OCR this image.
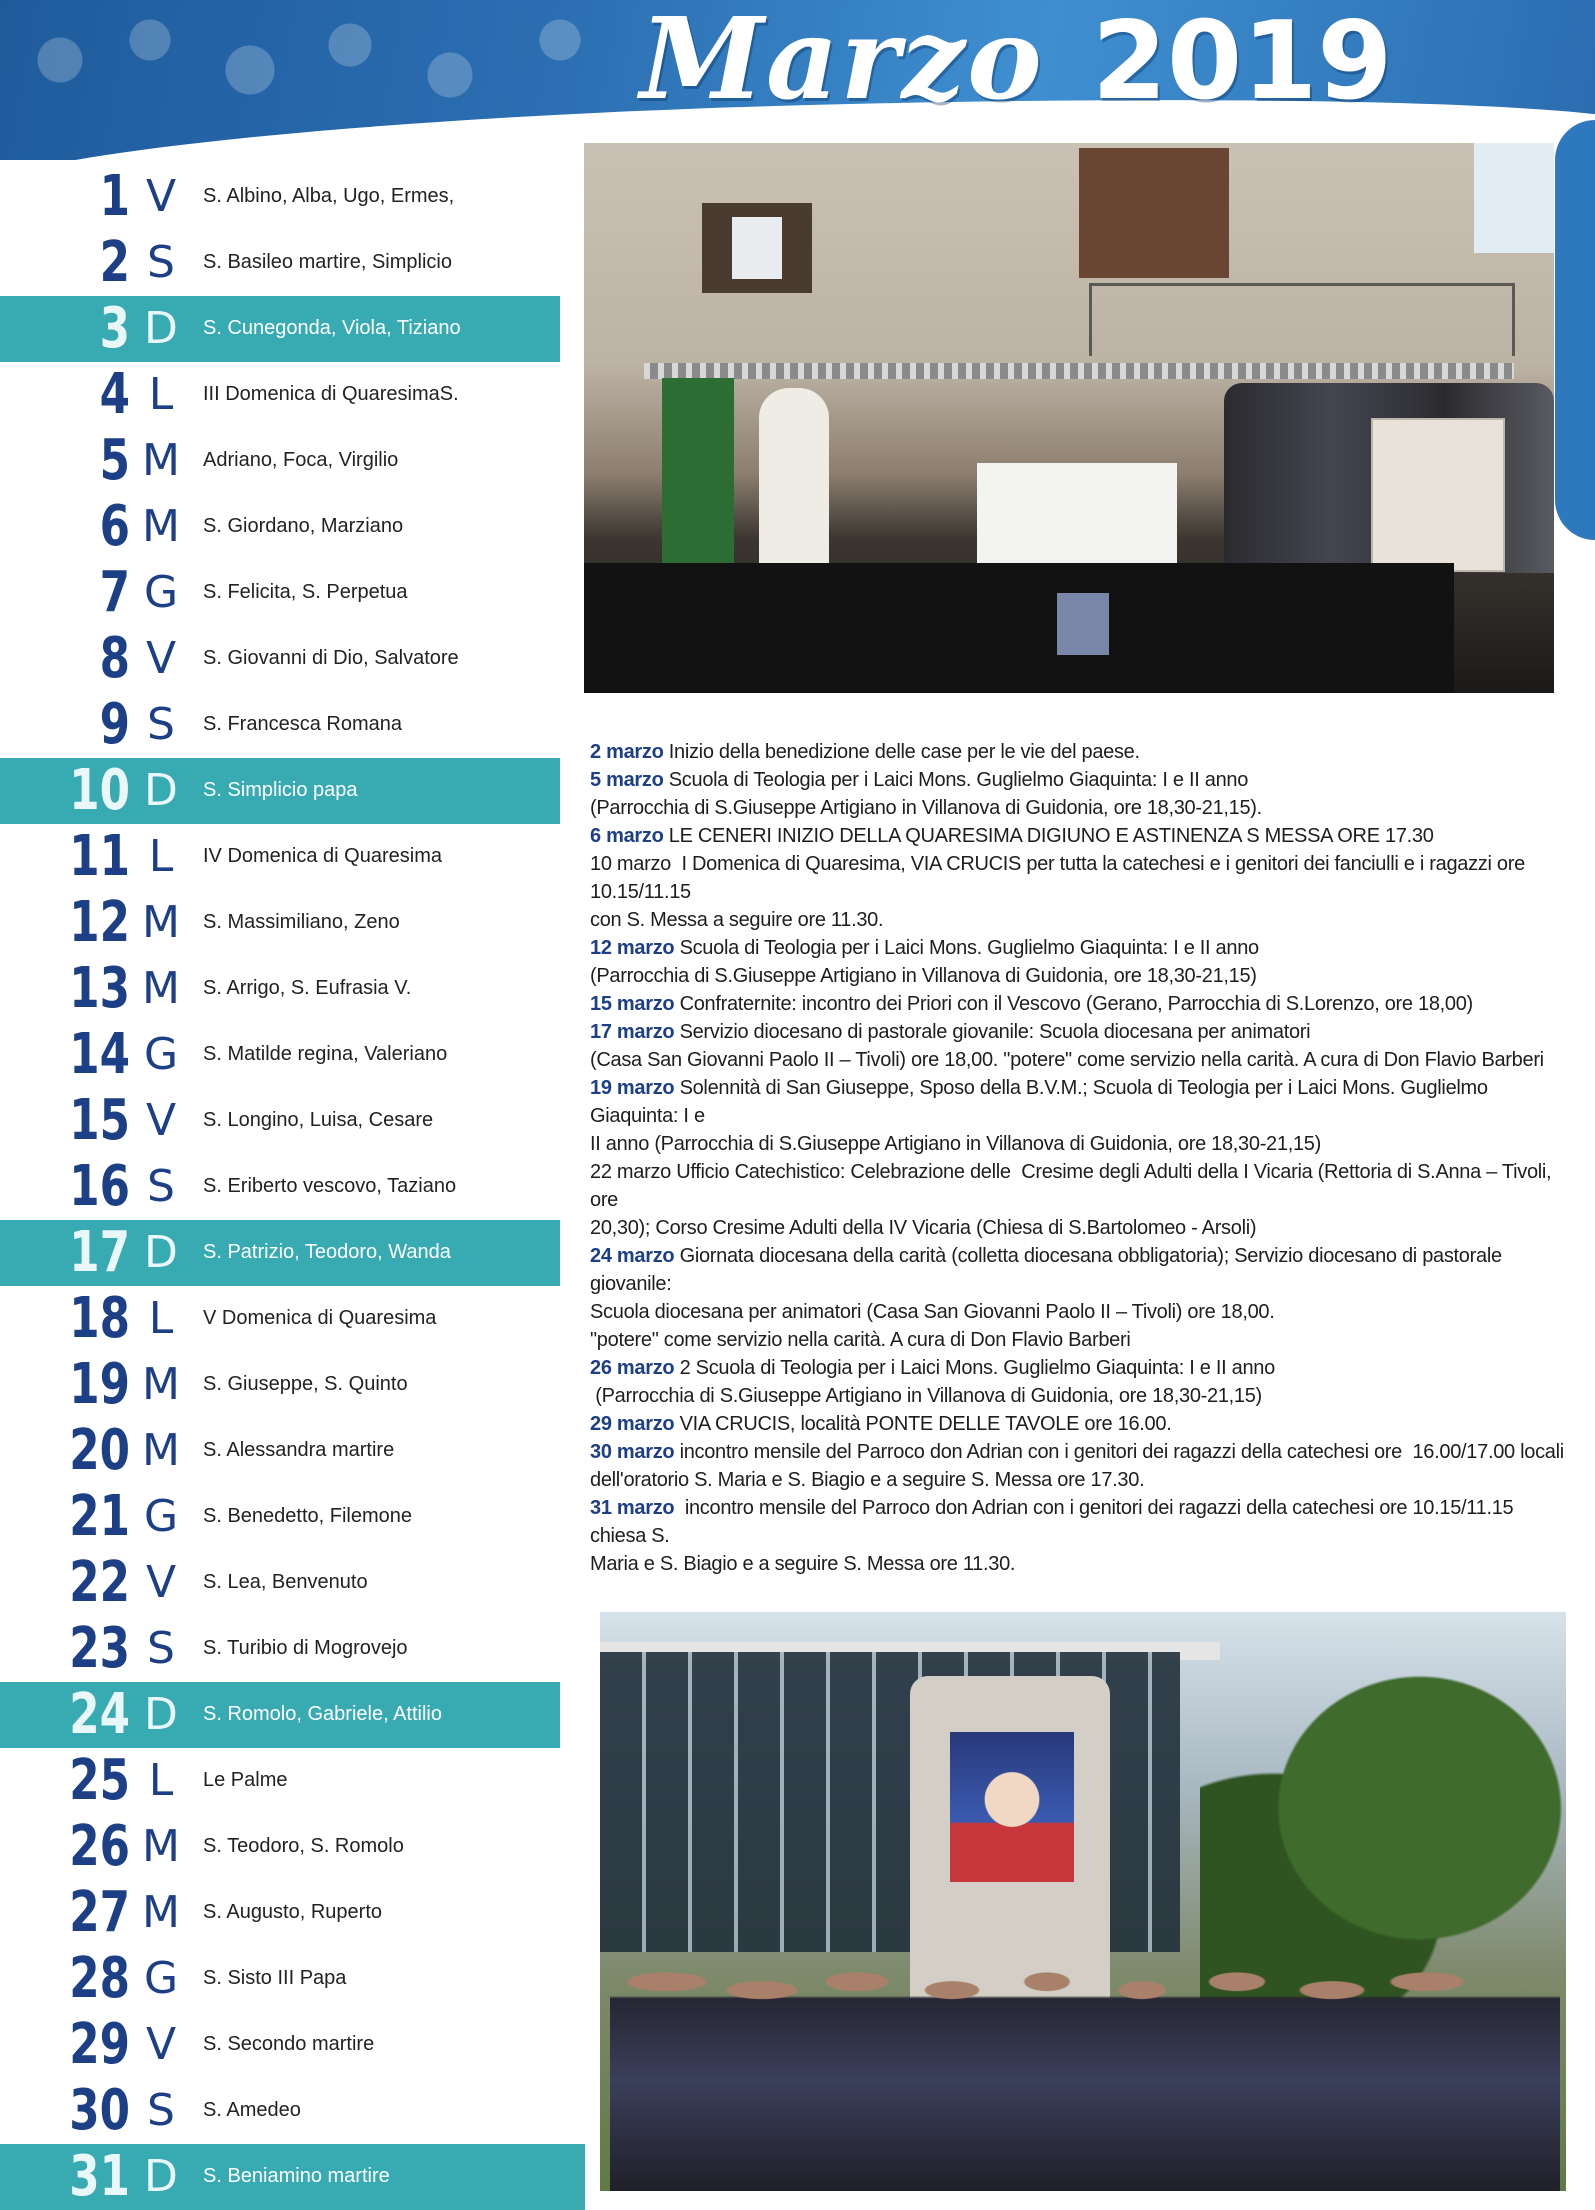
Marzo 2019
1 V	S. Albino, Alba, Ugo, Ermes,
2 S	S. Basileo martire, Simplicio
3 D	S. Cunegonda, Viola, Tiziano
4 L	III Domenica di QuaresimaS.
5 M	Adriano, Foca, Virgilio
6 M	S. Giordano, Marziano
7 G	S. Felicita, S. Perpetua
8 V	S. Giovanni di Dio, Salvatore
9 S	S. Francesca Romana
10 D	S. Simplicio papa
11 L	IV Domenica di Quaresima
12 M	S. Massimiliano, Zeno
13 M	S. Arrigo, S. Eufrasia V.
14 G	S. Matilde regina, Valeriano
15 V	S. Longino, Luisa, Cesare
16 S	S. Eriberto vescovo, Taziano
17 D	S. Patrizio, Teodoro, Wanda
18 L	V Domenica di Quaresima
19 M	S. Giuseppe, S. Quinto
20 M	S. Alessandra martire
21 G	S. Benedetto, Filemone
22 V	S. Lea, Benvenuto
23 S	S. Turibio di Mogrovejo
24 D	S. Romolo, Gabriele, Attilio
25 L	Le Palme
26 M	S. Teodoro, S. Romolo
27 M	S. Augusto, Ruperto
28 G	S. Sisto III Papa
29 V	S. Secondo martire
30 S	S. Amedeo
31 D	S. Beniamino martire
2 marzo Inizio della benedizione delle case per le vie del paese.
5 marzo Scuola di Teologia per i Laici Mons. Guglielmo Giaquinta: I e II anno
(Parrocchia di S.Giuseppe Artigiano in Villanova di Guidonia, ore 18,30-21,15).
6 marzo LE CENERI INIZIO DELLA QUARESIMA DIGIUNO E ASTINENZA S MESSA ORE 17.30
10 marzo  I Domenica di Quaresima, VIA CRUCIS per tutta la catechesi e i genitori dei fanciulli e i ragazzi ore 10.15/11.15
con S. Messa a seguire ore 11.30.
12 marzo Scuola di Teologia per i Laici Mons. Guglielmo Giaquinta: I e II anno
(Parrocchia di S.Giuseppe Artigiano in Villanova di Guidonia, ore 18,30-21,15)
15 marzo Confraternite: incontro dei Priori con il Vescovo (Gerano, Parrocchia di S.Lorenzo, ore 18,00)
17 marzo Servizio diocesano di pastorale giovanile: Scuola diocesana per animatori
(Casa San Giovanni Paolo II – Tivoli) ore 18,00. "potere" come servizio nella carità. A cura di Don Flavio Barberi
19 marzo Solennità di San Giuseppe, Sposo della B.V.M.; Scuola di Teologia per i Laici Mons. Guglielmo Giaquinta: I e
II anno (Parrocchia di S.Giuseppe Artigiano in Villanova di Guidonia, ore 18,30-21,15)
22 marzo Ufficio Catechistico: Celebrazione delle  Cresime degli Adulti della I Vicaria (Rettoria di S.Anna – Tivoli, ore
20,30); Corso Cresime Adulti della IV Vicaria (Chiesa di S.Bartolomeo - Arsoli)
24 marzo Giornata diocesana della carità (colletta diocesana obbligatoria); Servizio diocesano di pastorale giovanile:
Scuola diocesana per animatori (Casa San Giovanni Paolo II – Tivoli) ore 18,00.
"potere" come servizio nella carità. A cura di Don Flavio Barberi
26 marzo 2 Scuola di Teologia per i Laici Mons. Guglielmo Giaquinta: I e II anno
(Parrocchia di S.Giuseppe Artigiano in Villanova di Guidonia, ore 18,30-21,15)
29 marzo VIA CRUCIS, località PONTE DELLE TAVOLE ore 16.00.
30 marzo incontro mensile del Parroco don Adrian con i genitori dei ragazzi della catechesi ore  16.00/17.00 locali
dell'oratorio S. Maria e S. Biagio e a seguire S. Messa ore 17.30.
31 marzo  incontro mensile del Parroco don Adrian con i genitori dei ragazzi della catechesi ore 10.15/11.15 chiesa S.
Maria e S. Biagio e a seguire S. Messa ore 11.30.
